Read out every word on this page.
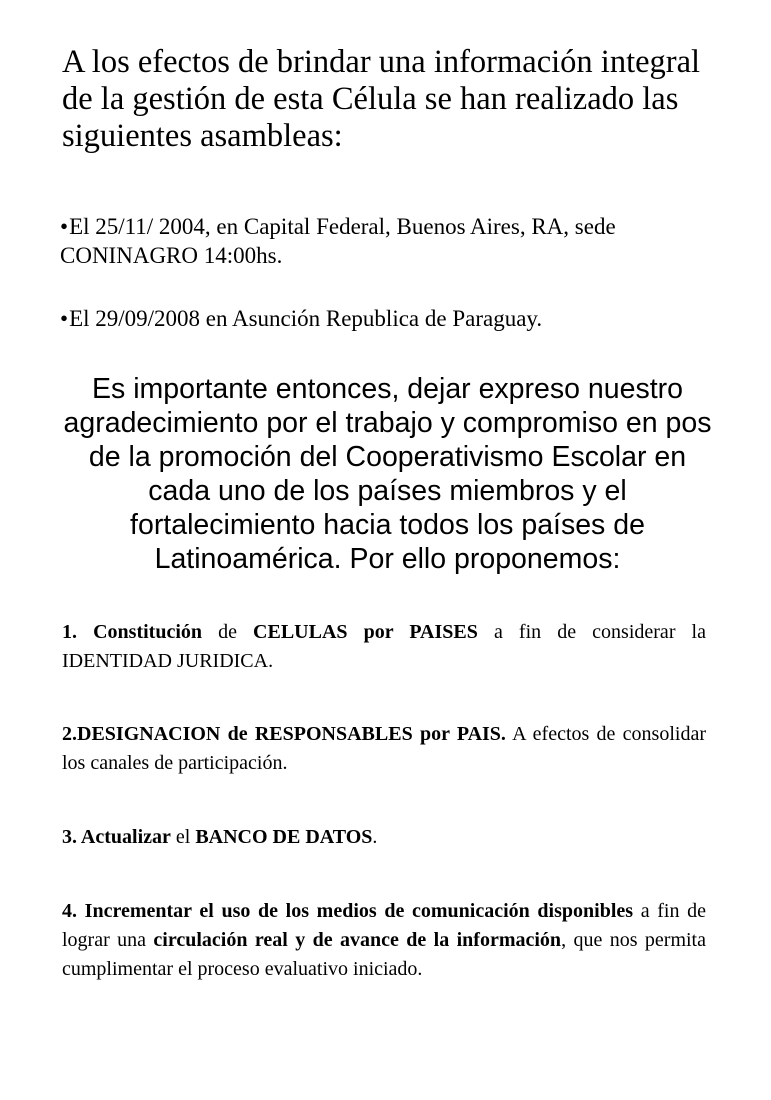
A los efectos de brindar una información integral de la gestión de esta Célula se han realizado las siguientes asambleas:

•El 25/11/ 2004, en Capital Federal, Buenos Aires, RA, sede CONINAGRO 14:00hs.

•El 29/09/2008 en Asunción Republica de Paraguay.

Es importante entonces, dejar expreso nuestro agradecimiento por el trabajo y compromiso en pos de la promoción del Cooperativismo Escolar en cada uno de los países miembros y el fortalecimiento hacia todos los países de Latinoamérica. Por ello proponemos:

1. Constitución de CELULAS por PAISES a fin de considerar la IDENTIDAD JURIDICA.

2.DESIGNACION de RESPONSABLES por PAIS. A efectos de consolidar los canales de participación.

3. Actualizar el BANCO DE DATOS.

4. Incrementar el uso de los medios de comunicación disponibles a fin de lograr una circulación real y de avance de la información, que nos permita cumplimentar el proceso evaluativo iniciado.
